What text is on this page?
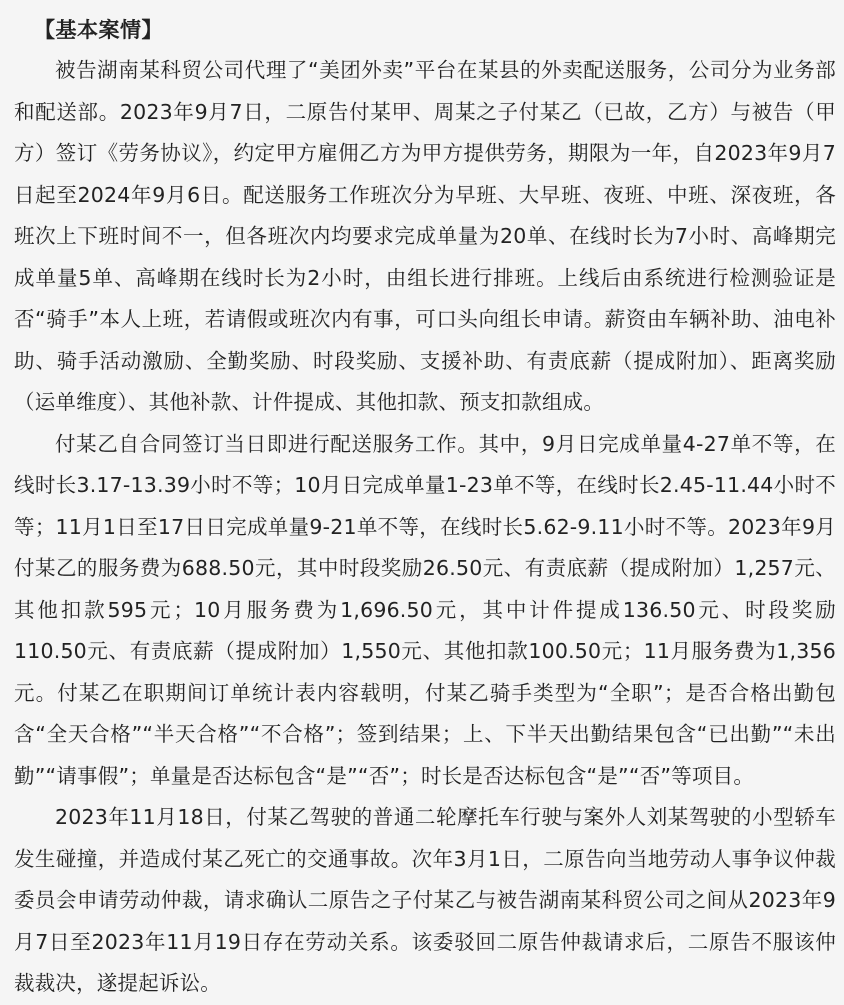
【基本案情】

被告湖南某科贸公司代理了“美团外卖”平台在某县的外卖配送服务，公司分为业务部和配送部。2023年9月7日，二原告付某甲、周某之子付某乙（已故，乙方）与被告（甲方）签订《劳务协议》，约定甲方雇佣乙方为甲方提供劳务，期限为一年，自2023年9月7日起至2024年9月6日。配送服务工作班次分为早班、大早班、夜班、中班、深夜班，各班次上下班时间不一，但各班次内均要求完成单量为20单、在线时长为7小时、高峰期完成单量5单、高峰期在线时长为2小时，由组长进行排班。上线后由系统进行检测验证是否“骑手”本人上班，若请假或班次内有事，可口头向组长申请。薪资由车辆补助、油电补助、骑手活动激励、全勤奖励、时段奖励、支援补助、有责底薪（提成附加）、距离奖励（运单维度）、其他补款、计件提成、其他扣款、预支扣款组成。

付某乙自合同签订当日即进行配送服务工作。其中，9月日完成单量4-27单不等，在线时长3.17-13.39小时不等；10月日完成单量1-23单不等，在线时长2.45-11.44小时不等；11月1日至17日日完成单量9-21单不等，在线时长5.62-9.11小时不等。2023年9月付某乙的服务费为688.50元，其中时段奖励26.50元、有责底薪（提成附加）1,257元、其他扣款595元；10月服务费为1,696.50元，其中计件提成136.50元、时段奖励110.50元、有责底薪（提成附加）1,550元、其他扣款100.50元；11月服务费为1,356元。付某乙在职期间订单统计表内容载明，付某乙骑手类型为“全职”；是否合格出勤包含“全天合格”“半天合格”“不合格”；签到结果；上、下半天出勤结果包含“已出勤”“未出勤”“请事假”；单量是否达标包含“是”“否”；时长是否达标包含“是”“否”等项目。

2023年11月18日，付某乙驾驶的普通二轮摩托车行驶与案外人刘某驾驶的小型轿车发生碰撞，并造成付某乙死亡的交通事故。次年3月1日，二原告向当地劳动人事争议仲裁委员会申请劳动仲裁，请求确认二原告之子付某乙与被告湖南某科贸公司之间从2023年9月7日至2023年11月19日存在劳动关系。该委驳回二原告仲裁请求后，二原告不服该仲裁裁决，遂提起诉讼。
